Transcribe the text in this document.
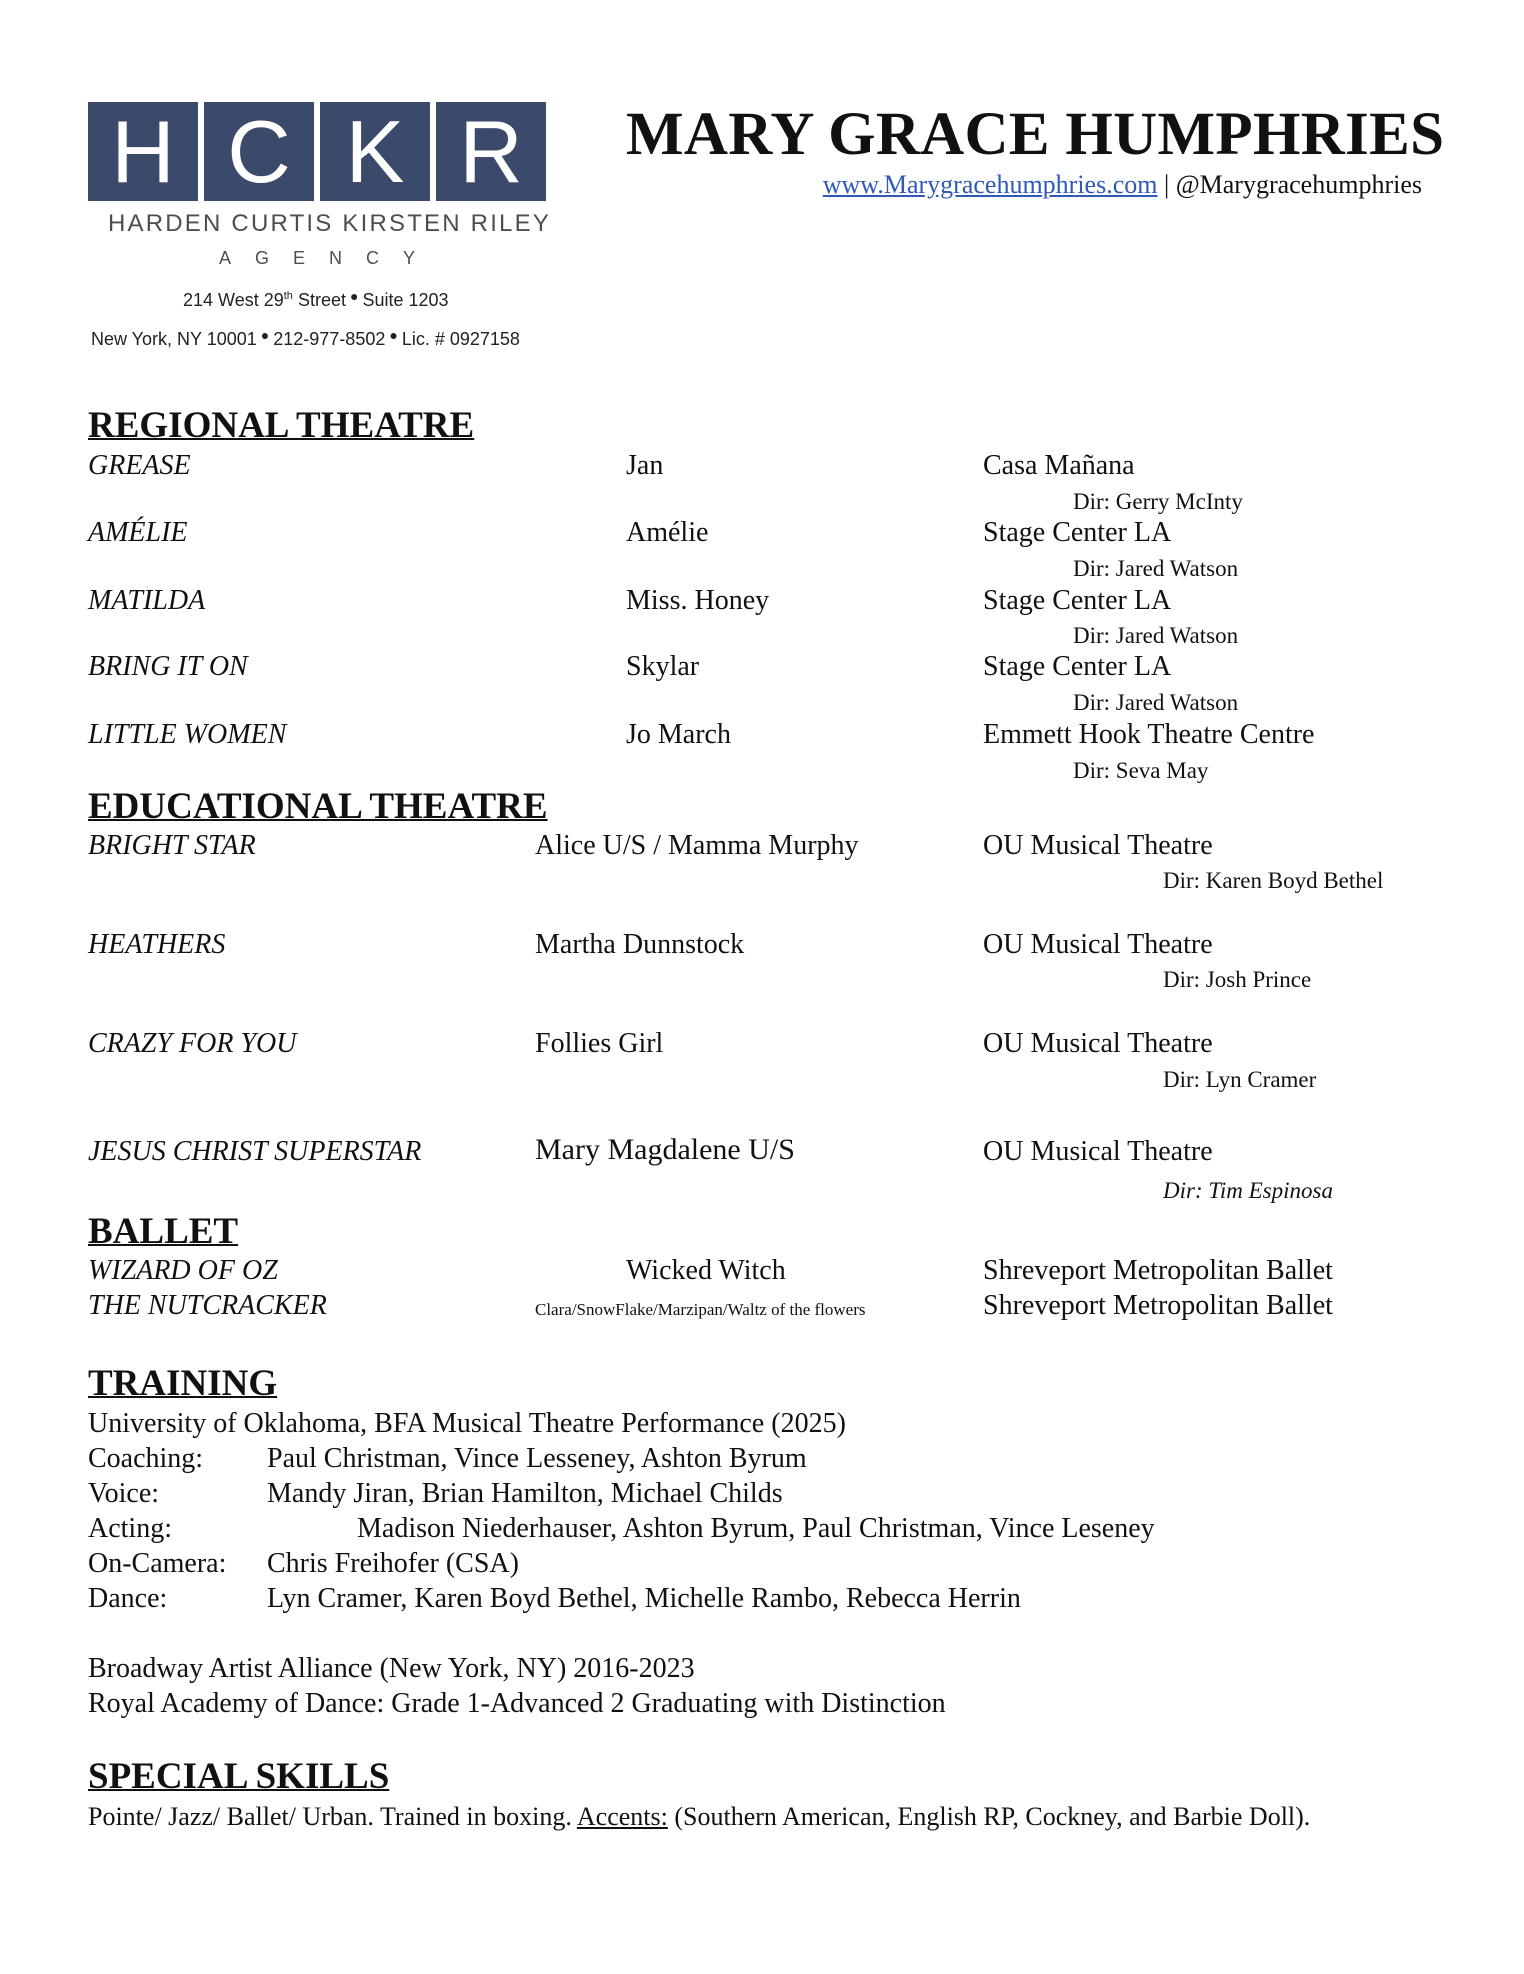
H C K R
HARDEN CURTIS KIRSTEN RILEY
AGENCY
214 West 29th Street ● Suite 1203
New York, NY 10001 ● 212-977-8502 ● Lic. # 0927158
MARY GRACE HUMPHRIES
www.Marygracehumphries.com | @Marygracehumphries
REGIONAL THEATRE
GREASE	Jan	Casa Mañana
Dir: Gerry McInty
AMÉLIE	Amélie	Stage Center LA
Dir: Jared Watson
MATILDA	Miss. Honey	Stage Center LA
Dir: Jared Watson
BRING IT ON	Skylar	Stage Center LA
Dir: Jared Watson
LITTLE WOMEN	Jo March	Emmett Hook Theatre Centre
Dir: Seva May
EDUCATIONAL THEATRE
BRIGHT STAR	Alice U/S / Mamma Murphy	OU Musical Theatre
Dir: Karen Boyd Bethel
HEATHERS	Martha Dunnstock	OU Musical Theatre
Dir: Josh Prince
CRAZY FOR YOU	Follies Girl	OU Musical Theatre
Dir: Lyn Cramer
JESUS CHRIST SUPERSTAR	Mary Magdalene U/S	OU Musical Theatre
Dir: Tim Espinosa
BALLET
WIZARD OF OZ	Wicked Witch	Shreveport Metropolitan Ballet
THE NUTCRACKER	Clara/SnowFlake/Marzipan/Waltz of the flowers	Shreveport Metropolitan Ballet
TRAINING
University of Oklahoma, BFA Musical Theatre Performance (2025)
Coaching: Paul Christman, Vince Lesseney, Ashton Byrum
Voice:	Mandy Jiran, Brian Hamilton, Michael Childs
Acting:	Madison Niederhauser, Ashton Byrum, Paul Christman, Vince Leseney
On-Camera: Chris Freihofer (CSA)
Dance:	Lyn Cramer, Karen Boyd Bethel, Michelle Rambo, Rebecca Herrin
Broadway Artist Alliance (New York, NY) 2016-2023
Royal Academy of Dance: Grade 1-Advanced 2 Graduating with Distinction
SPECIAL SKILLS
Pointe/ Jazz/ Ballet/ Urban. Trained in boxing. Accents: (Southern American, English RP, Cockney, and Barbie Doll).
